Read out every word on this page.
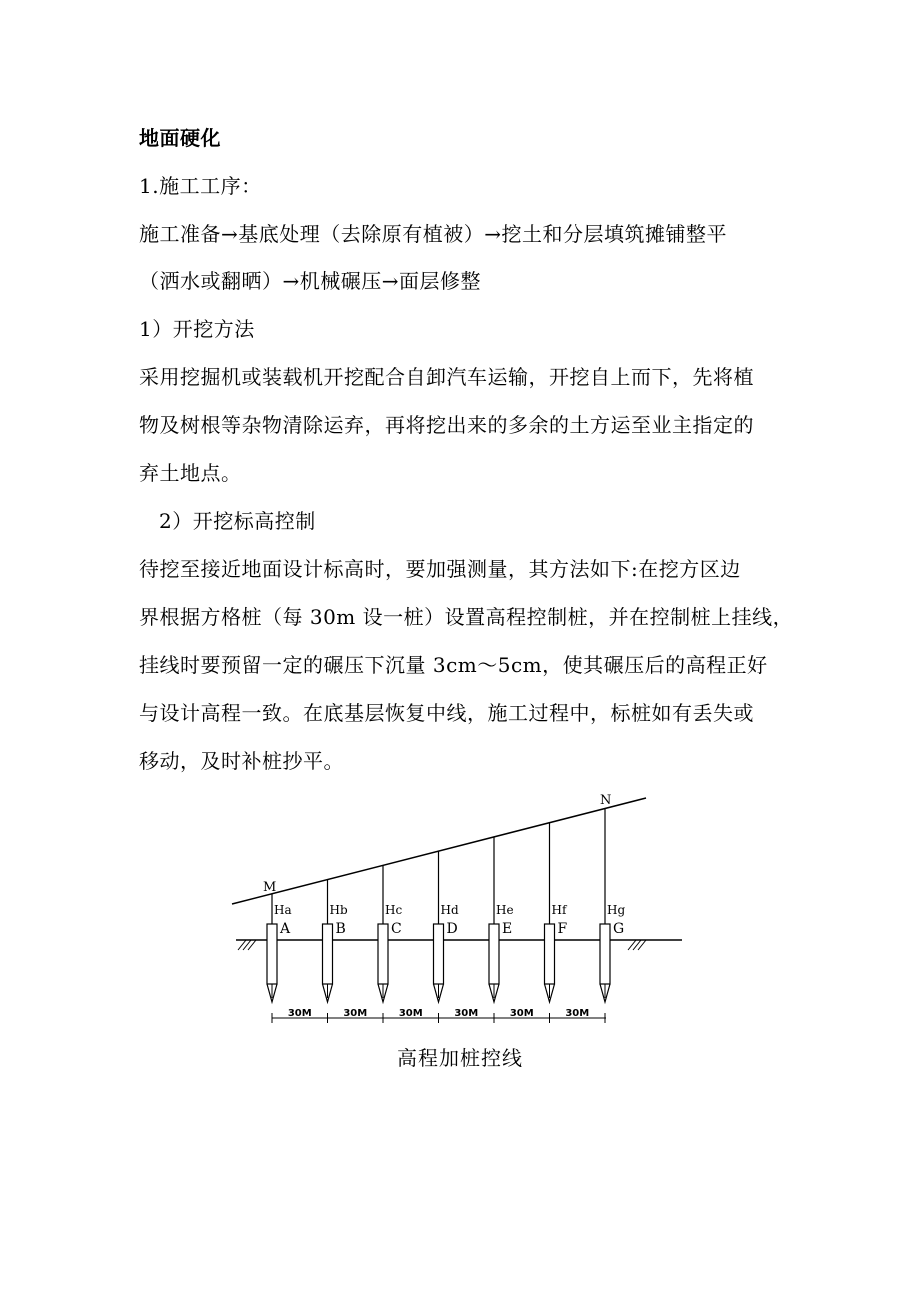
地面硬化
1.施工工序：
施工准备→基底处理（去除原有植被）→挖土和分层填筑摊铺整平
（洒水或翻晒）→机械碾压→面层修整
1）开挖方法
采用挖掘机或装载机开挖配合自卸汽车运输，开挖自上而下，先将植
物及树根等杂物清除运弃，再将挖出来的多余的土方运至业主指定的
弃土地点。
2）开挖标高控制
待挖至接近地面设计标高时，要加强测量，其方法如下:在挖方区边
界根据方格桩（每 30m 设一桩）设置高程控制桩，并在控制桩上挂线，
挂线时要预留一定的碾压下沉量 3cm～5cm，使其碾压后的高程正好
与设计高程一致。在底基层恢复中线，施工过程中，标桩如有丢失或
移动，及时补桩抄平。
M
N
Ha
A
Hb
B
Hc
C
Hd
D
He
E
Hf
F
Hg
G
30M	30M	30M	30M	30M	30M
高程加桩控线
